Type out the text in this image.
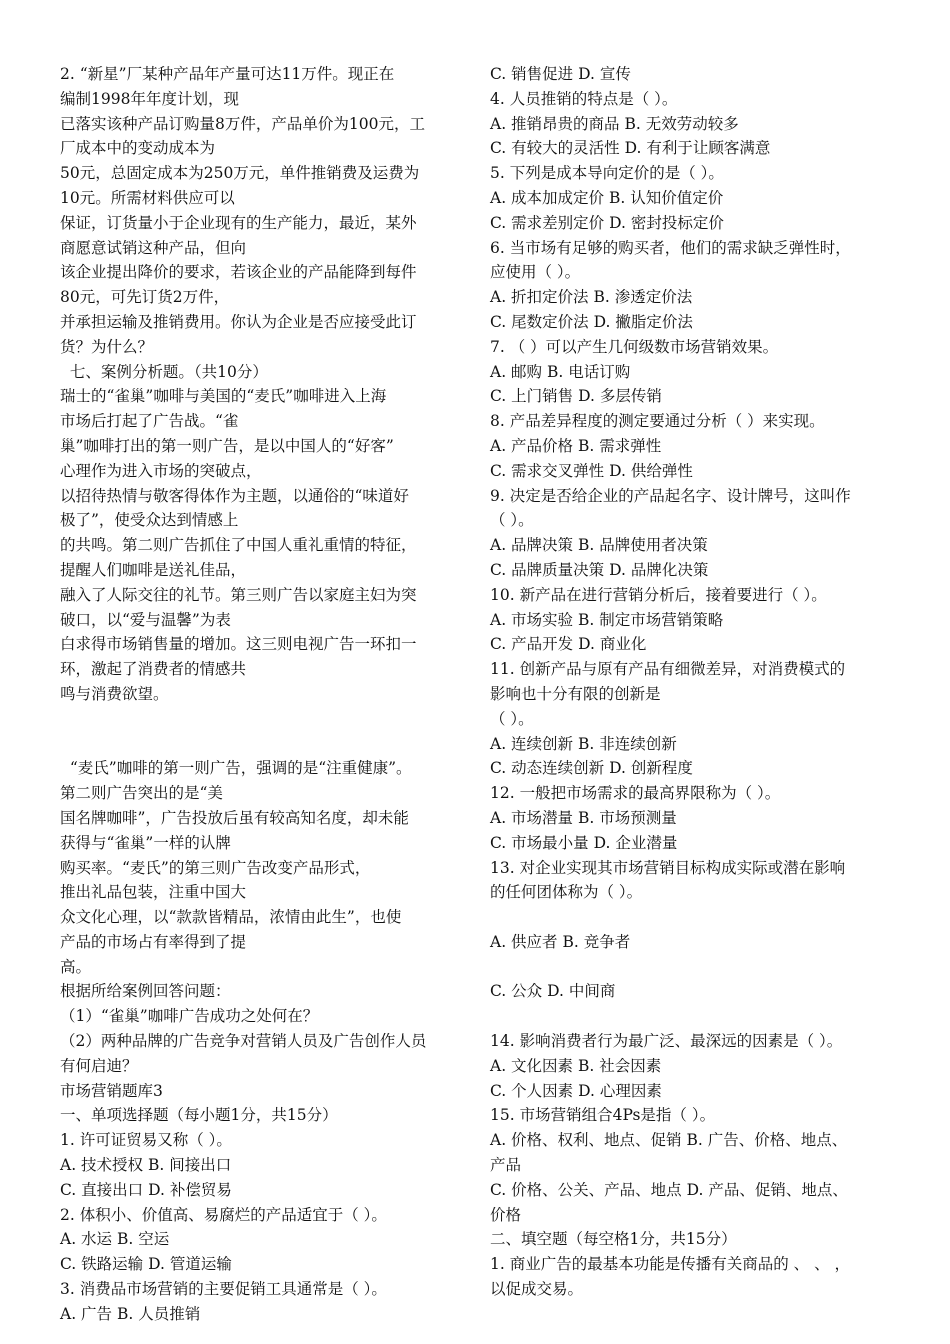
2. “新星”厂某种产品年产量可达11万件。现正在
编制1998年年度计划，现
已落实该种产品订购量8万件，产品单价为100元，工
厂成本中的变动成本为
50元，总固定成本为250万元，单件推销费及运费为
10元。所需材料供应可以
保证，订货量小于企业现有的生产能力，最近，某外
商愿意试销这种产品，但向
该企业提出降价的要求，若该企业的产品能降到每件
80元，可先订货2万件，
并承担运输及推销费用。你认为企业是否应接受此订
货？为什么？
七、案例分析题。（共10分）
瑞士的“雀巢”咖啡与美国的“麦氏”咖啡进入上海
市场后打起了广告战。“雀
巢”咖啡打出的第一则广告，是以中国人的“好客”
心理作为进入市场的突破点，
以招待热情与敬客得体作为主题，以通俗的“味道好
极了”，使受众达到情感上
的共鸣。第二则广告抓住了中国人重礼重情的特征，
提醒人们咖啡是送礼佳品，
融入了人际交往的礼节。第三则广告以家庭主妇为突
破口，以“爱与温馨”为表
白求得市场销售量的增加。这三则电视广告一环扣一
环，激起了消费者的情感共
鸣与消费欲望。
“麦氏”咖啡的第一则广告，强调的是“注重健康”。
第二则广告突出的是“美
国名牌咖啡”，广告投放后虽有较高知名度，却未能
获得与“雀巢”一样的认牌
购买率。“麦氏”的第三则广告改变产品形式，
推出礼品包装，注重中国大
众文化心理，以“款款皆精品，浓情由此生”，也使
产品的市场占有率得到了提
高。
根据所给案例回答问题：
（1）“雀巢”咖啡广告成功之处何在？
（2）两种品牌的广告竞争对营销人员及广告创作人员
有何启迪？
市场营销题库3
一、单项选择题（每小题1分，共15分）
1. 许可证贸易又称（ ）。
A. 技术授权 B. 间接出口
C. 直接出口 D. 补偿贸易
2. 体积小、价值高、易腐烂的产品适宜于（ ）。
A. 水运 B. 空运
C. 铁路运输 D. 管道运输
3. 消费品市场营销的主要促销工具通常是（ ）。
A. 广告 B. 人员推销
C. 销售促进 D. 宣传
4. 人员推销的特点是（ ）。
A. 推销昂贵的商品 B. 无效劳动较多
C. 有较大的灵活性 D. 有利于让顾客满意
5. 下列是成本导向定价的是（ ）。
A. 成本加成定价 B. 认知价值定价
C. 需求差别定价 D. 密封投标定价
6. 当市场有足够的购买者，他们的需求缺乏弹性时，
应使用（ ）。
A. 折扣定价法 B. 渗透定价法
C. 尾数定价法 D. 撇脂定价法
7. （ ）可以产生几何级数市场营销效果。
A. 邮购 B. 电话订购
C. 上门销售 D. 多层传销
8. 产品差异程度的测定要通过分析（ ）来实现。
A. 产品价格 B. 需求弹性
C. 需求交叉弹性 D. 供给弹性
9. 决定是否给企业的产品起名字、设计牌号，这叫作
（ ）。
A. 品牌决策 B. 品牌使用者决策
C. 品牌质量决策 D. 品牌化决策
10. 新产品在进行营销分析后，接着要进行（ ）。
A. 市场实验 B. 制定市场营销策略
C. 产品开发 D. 商业化
11. 创新产品与原有产品有细微差异，对消费模式的
影响也十分有限的创新是
（ ）。
A. 连续创新 B. 非连续创新
C. 动态连续创新 D. 创新程度
12. 一般把市场需求的最高界限称为（ ）。
A. 市场潜量 B. 市场预测量
C. 市场最小量 D. 企业潜量
13. 对企业实现其市场营销目标构成实际或潜在影响
的任何团体称为（ ）。
A. 供应者 B. 竞争者
C. 公众 D. 中间商
14. 影响消费者行为最广泛、最深远的因素是（ ）。
A. 文化因素 B. 社会因素
C. 个人因素 D. 心理因素
15. 市场营销组合4Ps是指（ ）。
A. 价格、权利、地点、促销 B. 广告、价格、地点、
产品
C. 价格、公关、产品、地点 D. 产品、促销、地点、
价格
二、填空题（每空格1分，共15分）
1. 商业广告的最基本功能是传播有关商品的 、 、 ，
以促成交易。
